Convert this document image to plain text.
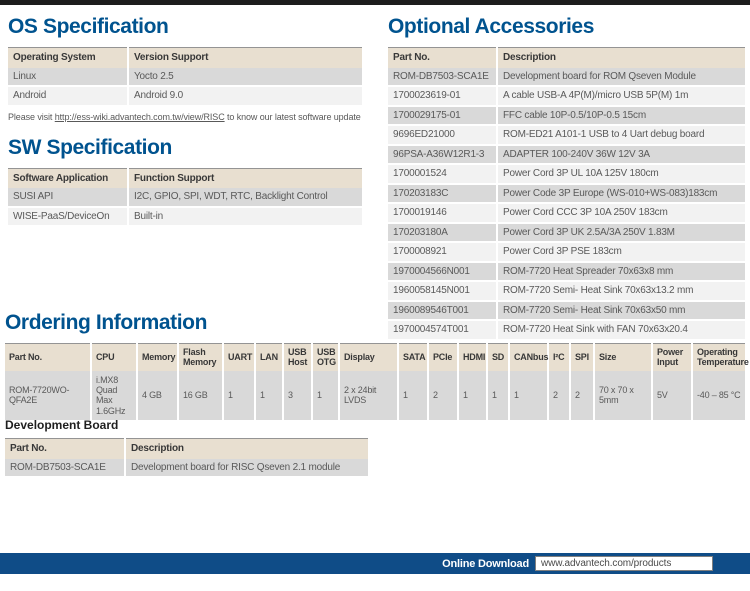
OS Specification
Operating System	Version Support
Linux	Yocto 2.5
Android	Android 9.0
Please visit http://ess-wiki.advantech.com.tw/view/RISC to know our latest software update
SW Specification
Software Application	Function Support
SUSI API	I2C, GPIO, SPI, WDT, RTC, Backlight Control
WISE-PaaS/DeviceOn	Built-in
Optional Accessories
Part No.	Description
ROM-DB7503-SCA1E	Development board for ROM Qseven Module
1700023619-01	A cable USB-A 4P(M)/micro USB 5P(M) 1m
1700029175-01	FFC cable 10P-0.5/10P-0.5 15cm
9696ED21000	ROM-ED21 A101-1 USB to 4 Uart debug board
96PSA-A36W12R1-3	ADAPTER 100-240V 36W 12V 3A
1700001524	Power Cord 3P UL 10A 125V 180cm
170203183C	Power Code 3P Europe (WS-010+WS-083)183cm
1700019146	Power Cord CCC 3P 10A 250V 183cm
170203180A	Power Cord 3P UK 2.5A/3A 250V 1.83M
1700008921	Power Cord 3P PSE 183cm
1970004566N001	ROM-7720 Heat Spreader 70x63x8 mm
1960058145N001	ROM-7720 Semi- Heat Sink 70x63x13.2 mm
1960089546T001	ROM-7720 Semi- Heat Sink 70x63x50 mm
1970004574T001	ROM-7720 Heat Sink with FAN 70x63x20.4
Ordering Information
Part No.	CPU	Memory	Flash Memory	UART	LAN	USB Host	USB OTG	Display	SATA	PCIe	HDMI	SD	CANbus	I²C	SPI	Size	Power Input	Operating Temperature
ROM-7720WO-QFA2E	i.MX8 Quad Max 1.6GHz	4 GB	16 GB	1	1	3	1	2 x 24bit LVDS	1	2	1	1	1	2	2	70 x 70 x 5mm	5V	-40 – 85 °C
Development Board
Part No.	Description
ROM-DB7503-SCA1E	Development board for RISC Qseven 2.1 module
Online Download	www.advantech.com/products
